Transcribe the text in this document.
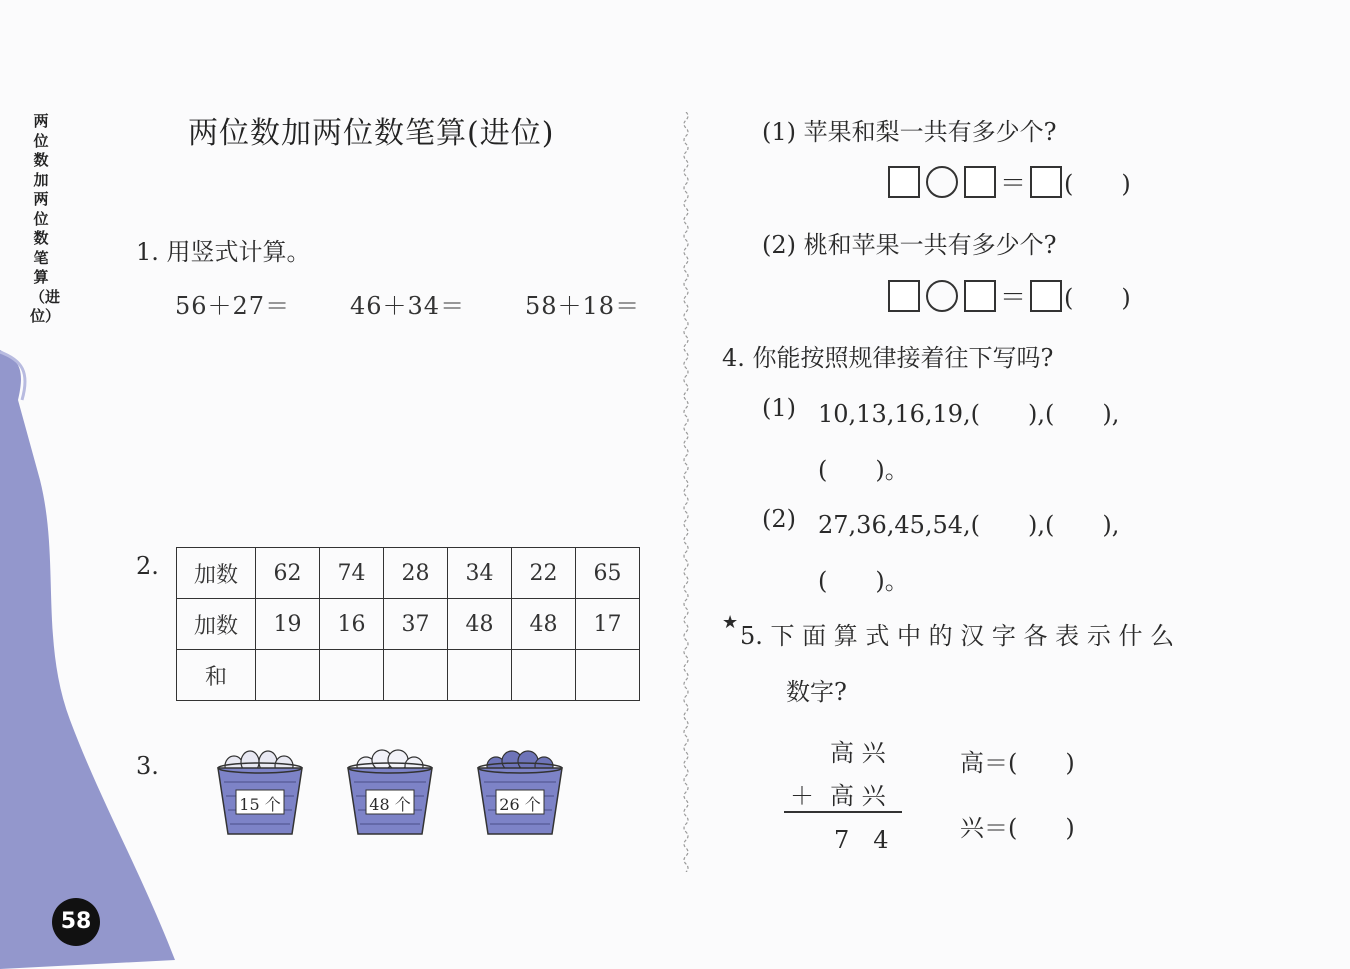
两位数加两位数笔算（进位）
58
两位数加两位数笔算(进位)
1. 用竖式计算。
56＋27＝ 46＋34＝ 58＋18＝
2. 加数	62	74	28	34	22	65
加数	19	16	37	48	48	17
和						
3.
15 个	48 个	26 个
(1) 苹果和梨一共有多少个?
＝ (　　)
(2) 桃和苹果一共有多少个?
＝ (　　)
4. 你能按照规律接着往下写吗?
(1) 10,13,16,19,(　　),(　　),
(　　)。
(2) 27,36,45,54,(　　),(　　),
(　　)。
★ 5. 下 面 算 式 中 的 汉 字 各 表 示 什 么
数字?
高 兴
＋ 高 兴
7　4
高＝(　　)
兴＝(　　)
